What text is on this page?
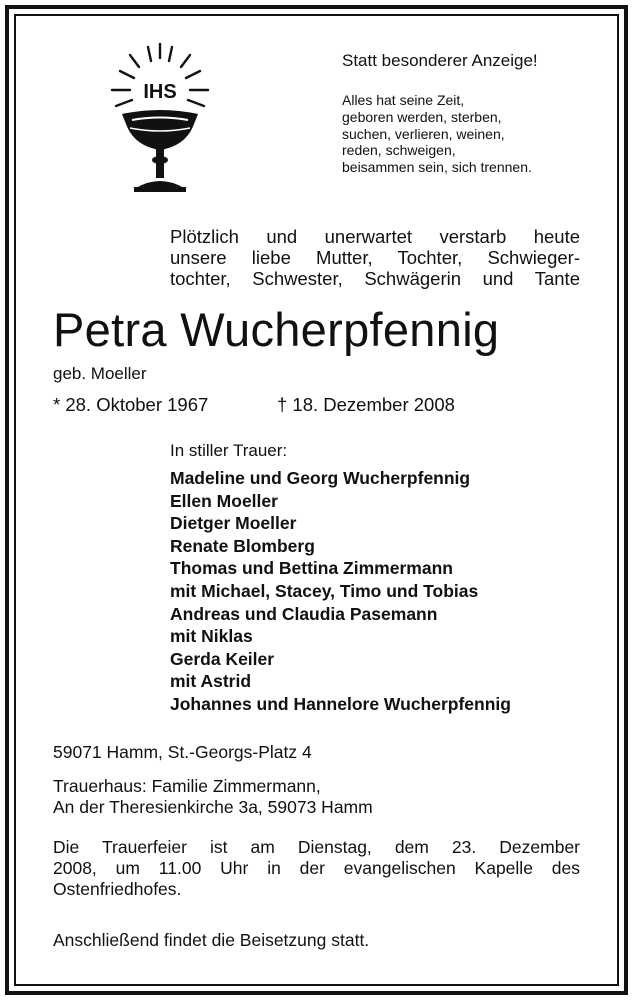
IHS

Statt besonderer Anzeige!

Alles hat seine Zeit,
geboren werden, sterben,
suchen, verlieren, weinen,
reden, schweigen,
beisammen sein, sich trennen.
Plötzlich und unerwartet verstarb heute
unsere liebe Mutter, Tochter, Schwieger-
tochter, Schwester, Schwägerin und Tante

Petra Wucherpfennig

geb. Moeller

* 28. Oktober 1967	† 18. Dezember 2008

In stiller Trauer:

Madeline und Georg Wucherpfennig
Ellen Moeller
Dietger Moeller
Renate Blomberg
Thomas und Bettina Zimmermann
mit Michael, Stacey, Timo und Tobias
Andreas und Claudia Pasemann
mit Niklas
Gerda Keiler
mit Astrid
Johannes und Hannelore Wucherpfennig

59071 Hamm, St.-Georgs-Platz 4

Trauerhaus: Familie Zimmermann,
An der Theresienkirche 3a, 59073 Hamm
Die Trauerfeier ist am Dienstag, dem 23. Dezember
2008, um 11.00 Uhr in der evangelischen Kapelle des
Ostenfriedhofes.

Anschließend findet die Beisetzung statt.
